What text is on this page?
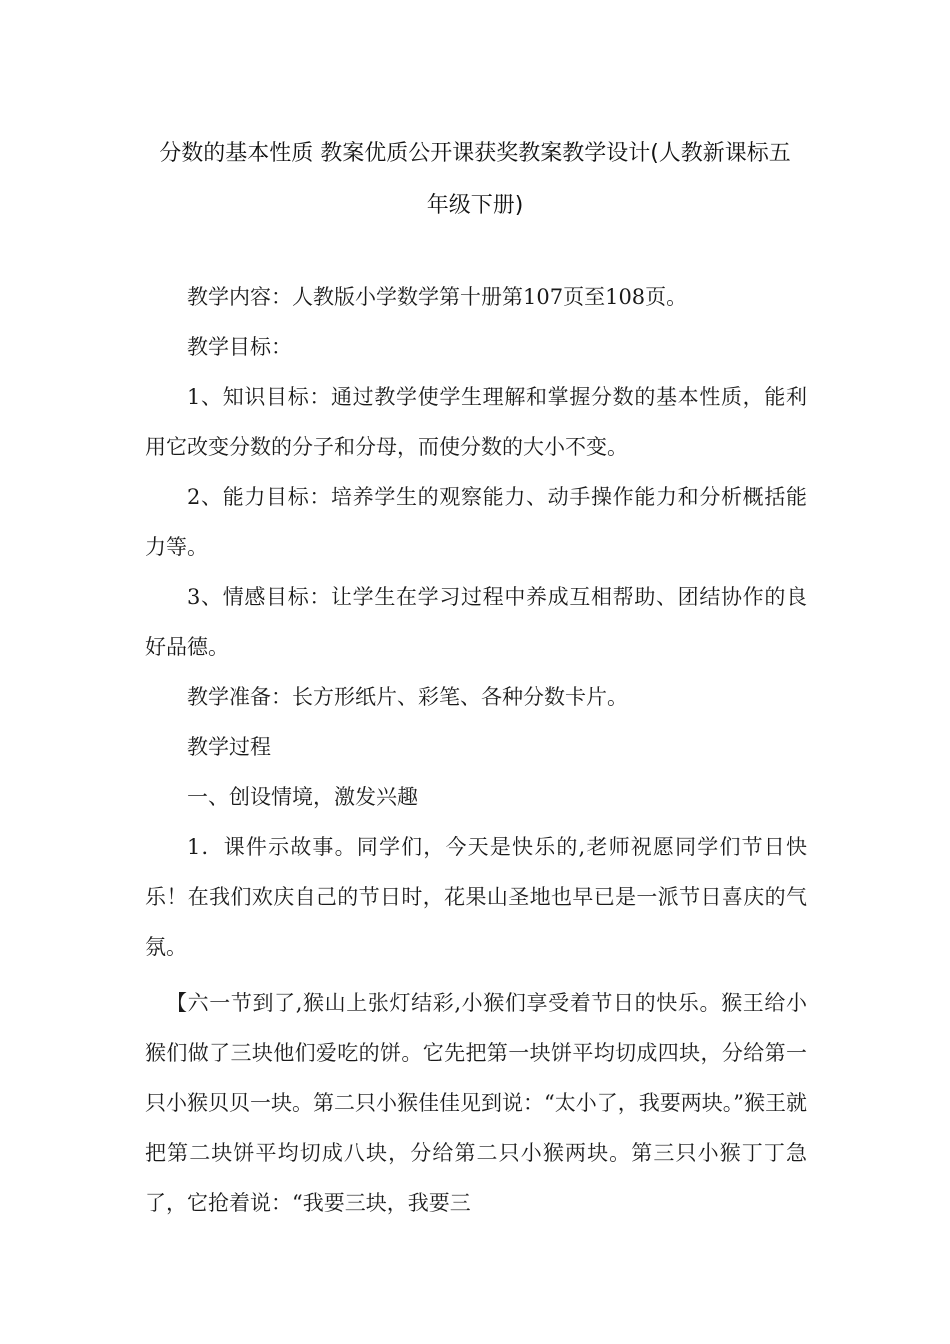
分数的基本性质 教案优质公开课获奖教案教学设计(人教新课标五
年级下册)

教学内容：人教版小学数学第十册第107页至108页。

教学目标：

1、知识目标：通过教学使学生理解和掌握分数的基本性质，能利用它改变分数的分子和分母，而使分数的大小不变。

2、能力目标：培养学生的观察能力、动手操作能力和分析概括能力等。

3、情感目标：让学生在学习过程中养成互相帮助、团结协作的良好品德。

教学准备：长方形纸片、彩笔、各种分数卡片。

教学过程

一、创设情境，激发兴趣

1．课件示故事。同学们，今天是快乐的,老师祝愿同学们节日快乐！在我们欢庆自己的节日时，花果山圣地也早已是一派节日喜庆的气氛。

【六一节到了,猴山上张灯结彩,小猴们享受着节日的快乐。猴王给小猴们做了三块他们爱吃的饼。它先把第一块饼平均切成四块，分给第一只小猴贝贝一块。第二只小猴佳佳见到说：“太小了，我要两块。”猴王就把第二块饼平均切成八块，分给第二只小猴两块。第三只小猴丁丁急了，它抢着说：“我要三块，我要三
